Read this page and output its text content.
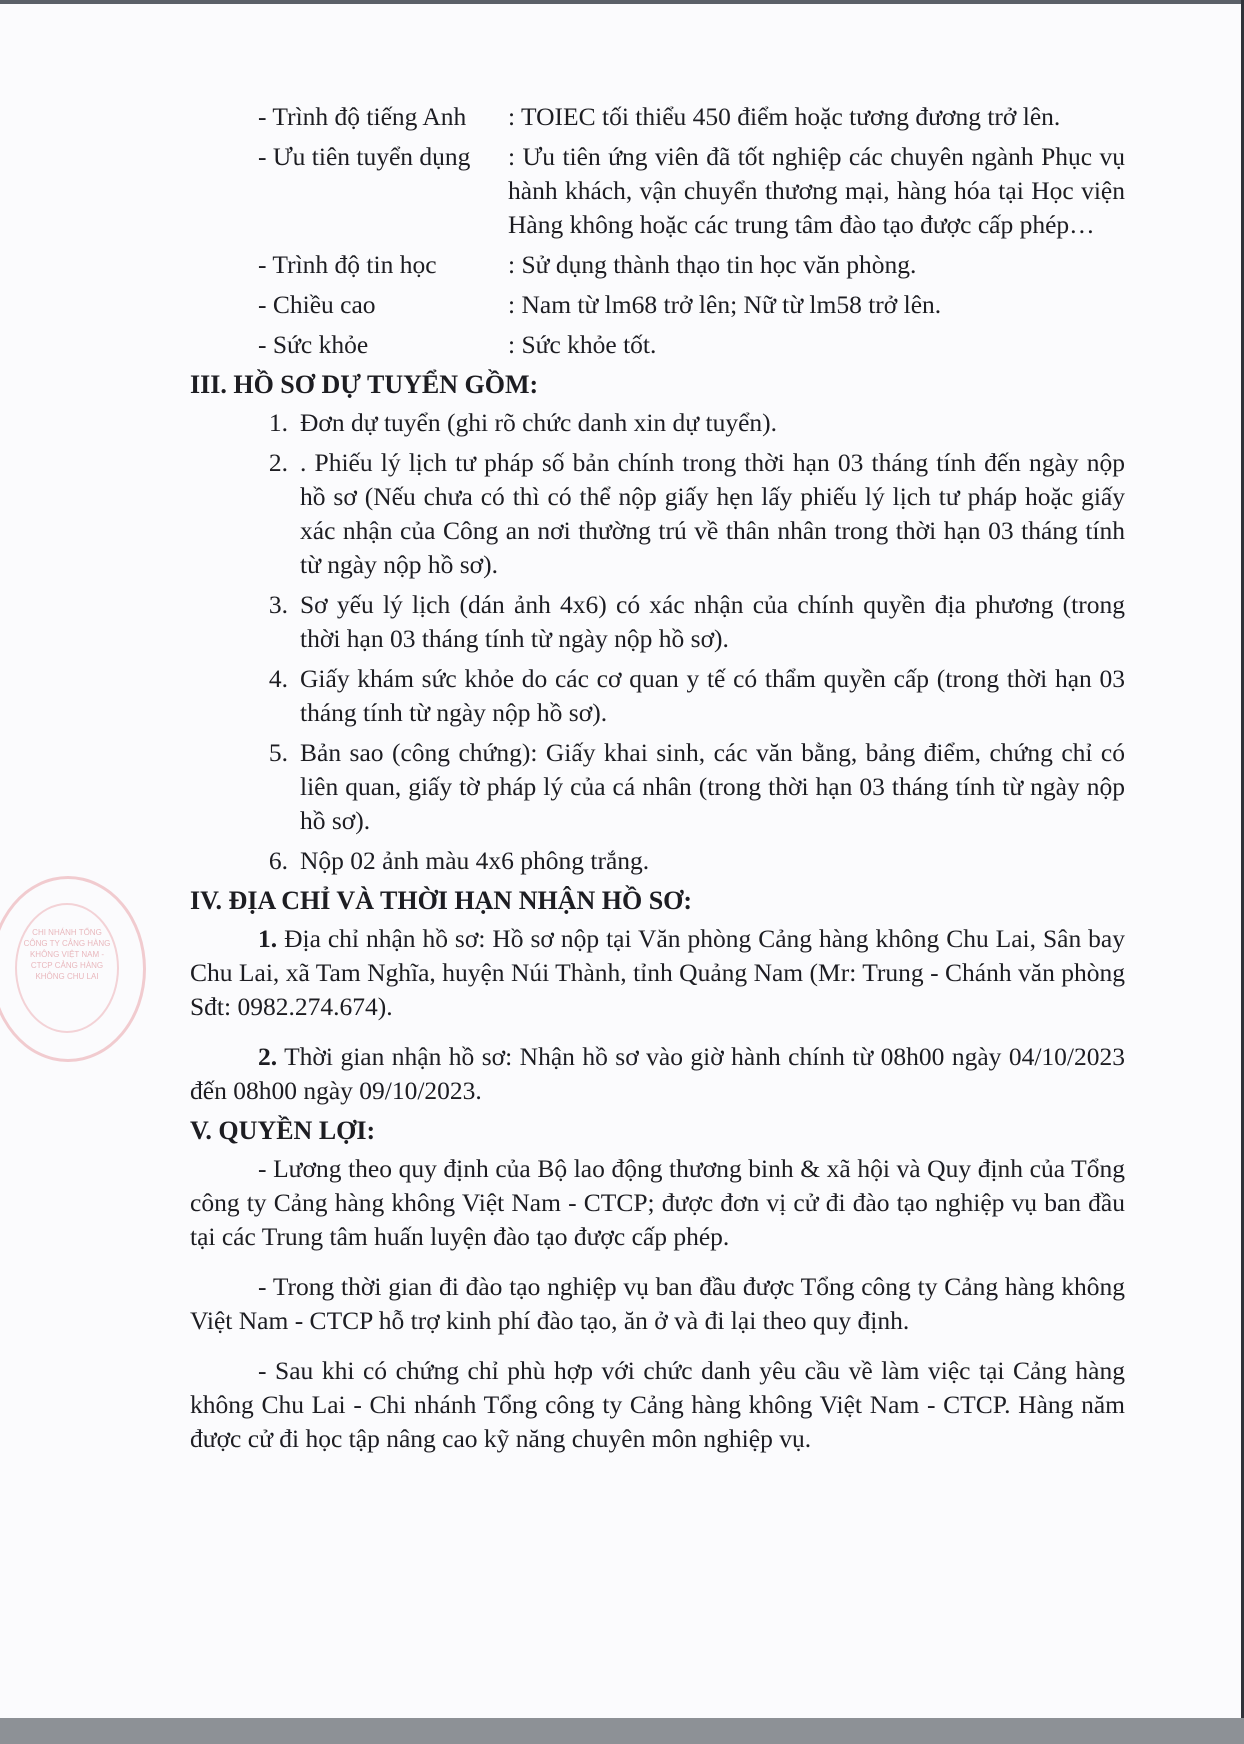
CHI NHÁNH TỔNG CÔNG TY CẢNG HÀNG KHÔNG VIỆT NAM - CTCP CẢNG HÀNG KHÔNG CHU LAI
- Trình độ tiếng Anh	: TOIEC tối thiểu 450 điểm hoặc tương đương trở lên.
- Ưu tiên tuyển dụng	: Ưu tiên ứng viên đã tốt nghiệp các chuyên ngành Phục vụ hành khách, vận chuyển thương mại, hàng hóa tại Học viện Hàng không hoặc các trung tâm đào tạo được cấp phép…
- Trình độ tin học	: Sử dụng thành thạo tin học văn phòng.
- Chiều cao	: Nam từ lm68 trở lên; Nữ từ lm58 trở lên.
- Sức khỏe	: Sức khỏe tốt.
III. HỒ SƠ DỰ TUYỂN GỒM:
1. Đơn dự tuyển (ghi rõ chức danh xin dự tuyển).
2. . Phiếu lý lịch tư pháp số bản chính trong thời hạn 03 tháng tính đến ngày nộp hồ sơ (Nếu chưa có thì có thể nộp giấy hẹn lấy phiếu lý lịch tư pháp hoặc giấy xác nhận của Công an nơi thường trú về thân nhân trong thời hạn 03 tháng tính từ ngày nộp hồ sơ).
3. Sơ yếu lý lịch (dán ảnh 4x6) có xác nhận của chính quyền địa phương (trong thời hạn 03 tháng tính từ ngày nộp hồ sơ).
4. Giấy khám sức khỏe do các cơ quan y tế có thẩm quyền cấp (trong thời hạn 03 tháng tính từ ngày nộp hồ sơ).
5. Bản sao (công chứng): Giấy khai sinh, các văn bằng, bảng điểm, chứng chỉ có liên quan, giấy tờ pháp lý của cá nhân (trong thời hạn 03 tháng tính từ ngày nộp hồ sơ).
6. Nộp 02 ảnh màu 4x6 phông trắng.
IV. ĐỊA CHỈ VÀ THỜI HẠN NHẬN HỒ SƠ:

1. Địa chỉ nhận hồ sơ: Hồ sơ nộp tại Văn phòng Cảng hàng không Chu Lai, Sân bay Chu Lai, xã Tam Nghĩa, huyện Núi Thành, tỉnh Quảng Nam (Mr: Trung - Chánh văn phòng Sđt: 0982.274.674).

2. Thời gian nhận hồ sơ: Nhận hồ sơ vào giờ hành chính từ 08h00 ngày 04/10/2023 đến 08h00 ngày 09/10/2023.

V. QUYỀN LỢI:

- Lương theo quy định của Bộ lao động thương binh & xã hội và Quy định của Tổng công ty Cảng hàng không Việt Nam - CTCP; được đơn vị cử đi đào tạo nghiệp vụ ban đầu tại các Trung tâm huấn luyện đào tạo được cấp phép.

- Trong thời gian đi đào tạo nghiệp vụ ban đầu được Tổng công ty Cảng hàng không Việt Nam - CTCP hỗ trợ kinh phí đào tạo, ăn ở và đi lại theo quy định.

- Sau khi có chứng chỉ phù hợp với chức danh yêu cầu về làm việc tại Cảng hàng không Chu Lai - Chi nhánh Tổng công ty Cảng hàng không Việt Nam - CTCP. Hàng năm được cử đi học tập nâng cao kỹ năng chuyên môn nghiệp vụ.
